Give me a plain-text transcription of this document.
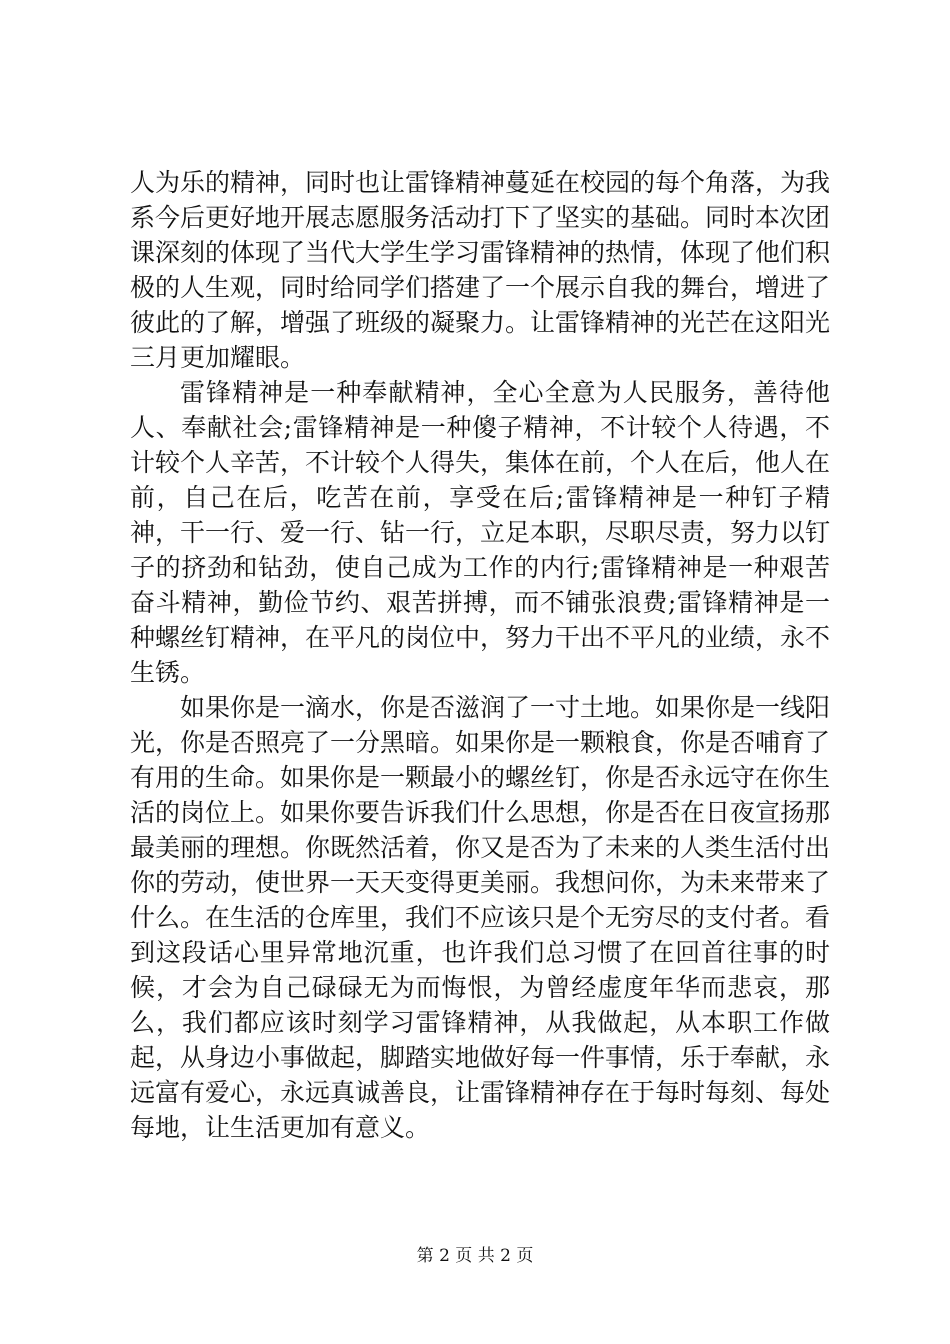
人为乐的精神，同时也让雷锋精神蔓延在校园的每个角落，为我系今后更好地开展志愿服务活动打下了坚实的基础。同时本次团课深刻的体现了当代大学生学习雷锋精神的热情，体现了他们积极的人生观，同时给同学们搭建了一个展示自我的舞台，增进了彼此的了解，增强了班级的凝聚力。让雷锋精神的光芒在这阳光三月更加耀眼。

雷锋精神是一种奉献精神，全心全意为人民服务，善待他人、奉献社会;雷锋精神是一种傻子精神，不计较个人待遇，不计较个人辛苦，不计较个人得失，集体在前，个人在后，他人在前，自己在后，吃苦在前，享受在后;雷锋精神是一种钉子精神，干一行、爱一行、钻一行，立足本职，尽职尽责，努力以钉子的挤劲和钻劲，使自己成为工作的内行;雷锋精神是一种艰苦奋斗精神，勤俭节约、艰苦拼搏，而不铺张浪费;雷锋精神是一种螺丝钉精神，在平凡的岗位中，努力干出不平凡的业绩，永不生锈。

如果你是一滴水，你是否滋润了一寸土地。如果你是一线阳光，你是否照亮了一分黑暗。如果你是一颗粮食，你是否哺育了有用的生命。如果你是一颗最小的螺丝钉，你是否永远守在你生活的岗位上。如果你要告诉我们什么思想，你是否在日夜宣扬那最美丽的理想。你既然活着，你又是否为了未来的人类生活付出你的劳动，使世界一天天变得更美丽。我想问你，为未来带来了什么。在生活的仓库里，我们不应该只是个无穷尽的支付者。看到这段话心里异常地沉重，也许我们总习惯了在回首往事的时候，才会为自己碌碌无为而悔恨，为曾经虚度年华而悲哀，那么，我们都应该时刻学习雷锋精神，从我做起，从本职工作做起，从身边小事做起，脚踏实地做好每一件事情，乐于奉献，永远富有爱心，永远真诚善良，让雷锋精神存在于每时每刻、每处每地，让生活更加有意义。

第 2 页 共 2 页
